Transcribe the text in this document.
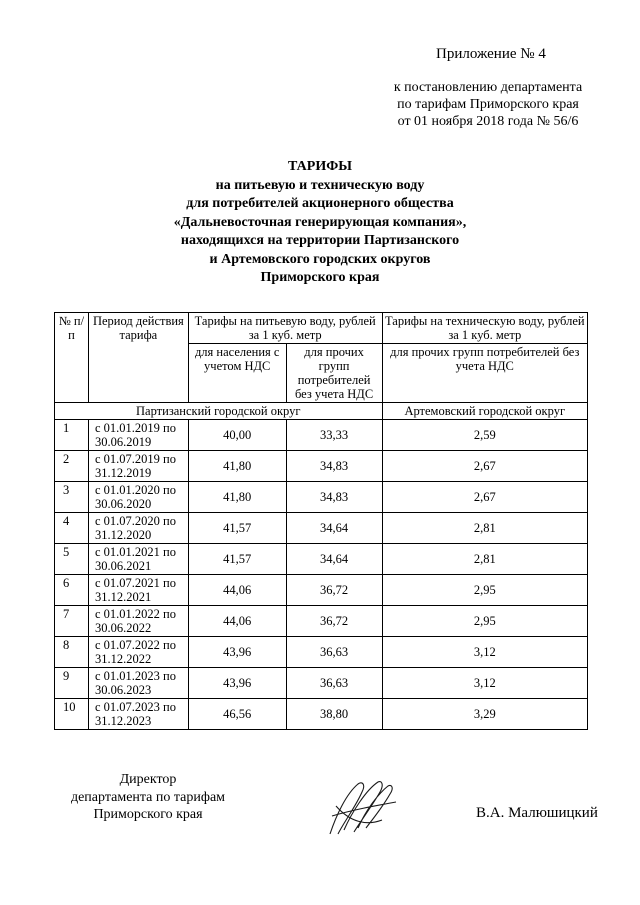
Приложение № 4
к постановлению департамента
по тарифам Приморского края
от 01 ноября 2018 года № 56/6
ТАРИФЫ
на питьевую и техническую воду
для потребителей акционерного общества
«Дальневосточная генерирующая компания»,
находящихся на территории Партизанского
и Артемовского городских округов
Приморского края
№ п/п	Период действия тарифа	Тарифы на питьевую воду, рублей за 1 куб. метр		Тарифы на техническую воду, рублей за 1 куб. метр
		для населения с учетом НДС	для прочих групп потребителей без учета НДС	для прочих групп потребителей без учета НДС
Партизанский городской округ				Артемовский городской округ
1	с 01.01.2019 по 30.06.2019	40,00	33,33	2,59
2	с 01.07.2019 по 31.12.2019	41,80	34,83	2,67
3	с 01.01.2020 по 30.06.2020	41,80	34,83	2,67
4	с 01.07.2020 по 31.12.2020	41,57	34,64	2,81
5	с 01.01.2021 по 30.06.2021	41,57	34,64	2,81
6	с 01.07.2021 по 31.12.2021	44,06	36,72	2,95
7	с 01.01.2022 по 30.06.2022	44,06	36,72	2,95
8	с 01.07.2022 по 31.12.2022	43,96	36,63	3,12
9	с 01.01.2023 по 30.06.2023	43,96	36,63	3,12
10	с 01.07.2023 по 31.12.2023	46,56	38,80	3,29
Директор
департамента по тарифам
Приморского края	В.А. Малюшицкий
